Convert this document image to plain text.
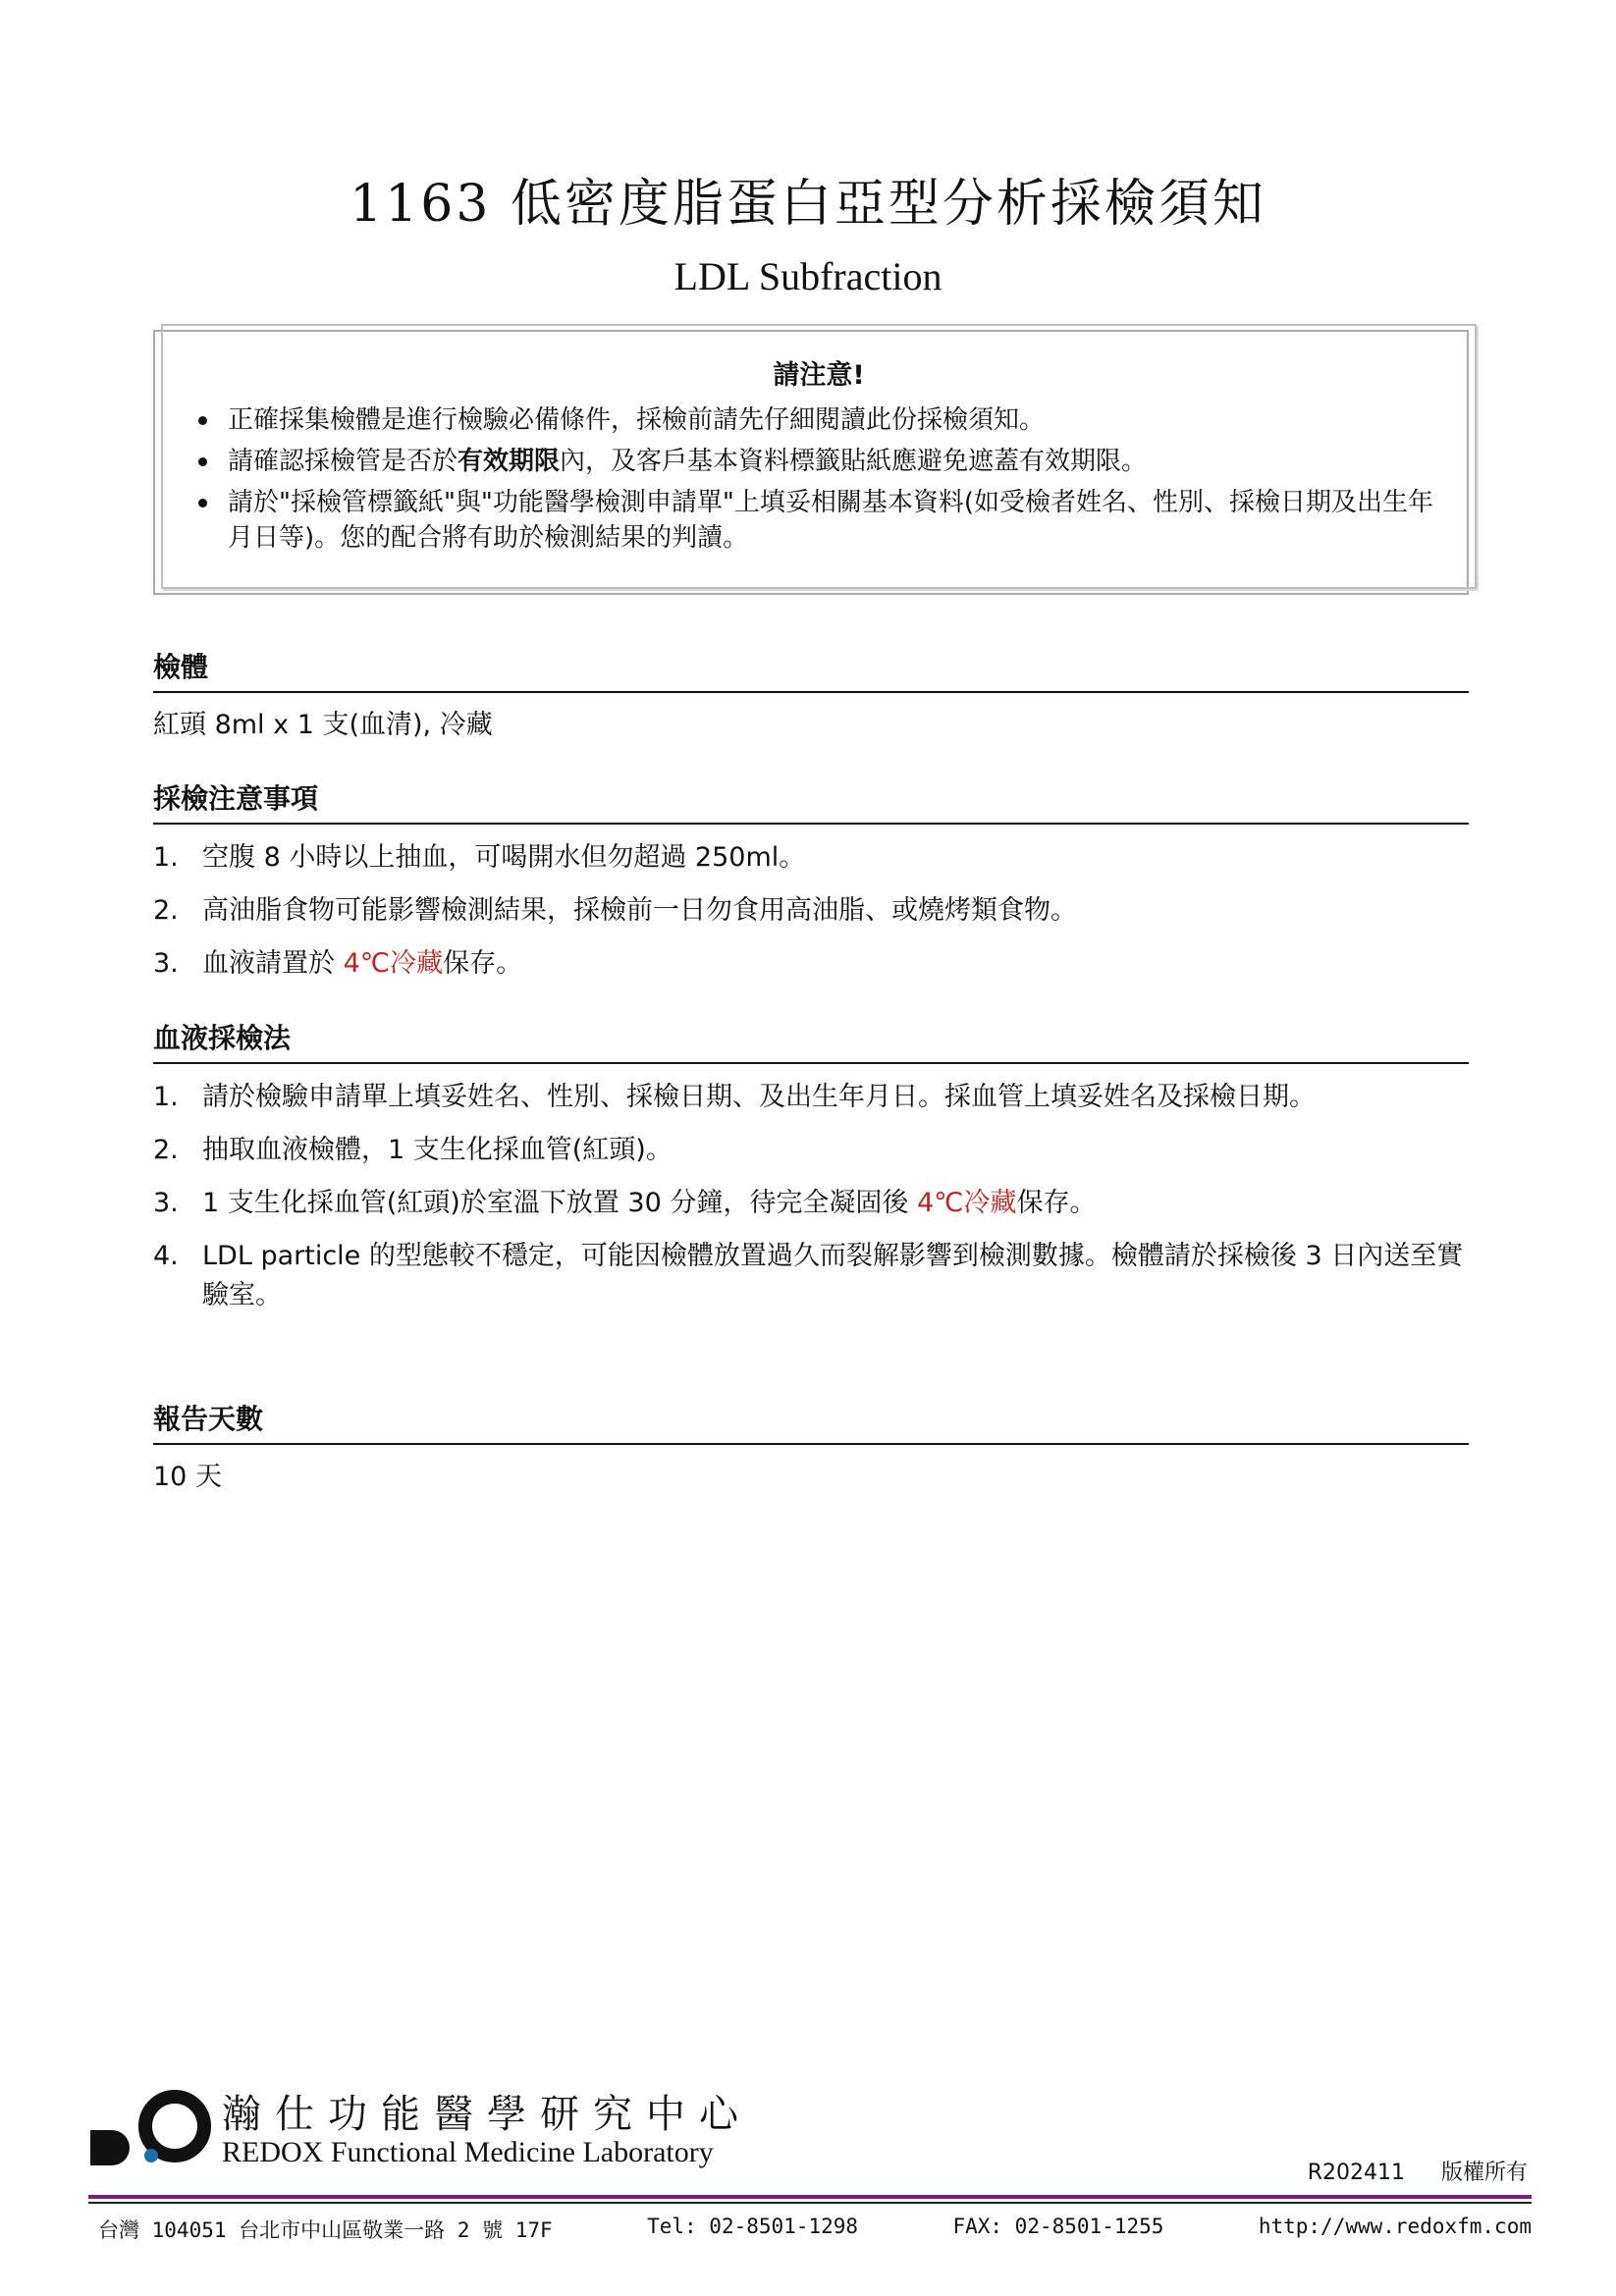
1163 低密度脂蛋白亞型分析採檢須知
LDL Subfraction
請注意!
正確採集檢體是進行檢驗必備條件，採檢前請先仔細閱讀此份採檢須知。
請確認採檢管是否於有效期限內，及客戶基本資料標籤貼紙應避免遮蓋有效期限。
請於"採檢管標籤紙"與"功能醫學檢測申請單"上填妥相關基本資料(如受檢者姓名、性別、採檢日期及出生年月日等)。您的配合將有助於檢測結果的判讀。
檢體
紅頭 8ml x 1 支(血清), 冷藏
採檢注意事項
1. 空腹 8 小時以上抽血，可喝開水但勿超過 250ml。
2. 高油脂食物可能影響檢測結果，採檢前一日勿食用高油脂、或燒烤類食物。
3. 血液請置於 4℃冷藏保存。
血液採檢法
1. 請於檢驗申請單上填妥姓名、性別、採檢日期、及出生年月日。採血管上填妥姓名及採檢日期。
2. 抽取血液檢體，1 支生化採血管(紅頭)。
3. 1 支生化採血管(紅頭)於室溫下放置 30 分鐘，待完全凝固後 4℃冷藏保存。
4. LDL particle 的型態較不穩定，可能因檢體放置過久而裂解影響到檢測數據。檢體請於採檢後 3 日內送至實驗室。
報告天數
10 天
瀚仕功能醫學研究中心
REDOX Functional Medicine Laboratory
R202411 版權所有
台灣 104051 台北市中山區敬業一路 2 號 17F	Tel: 02-8501-1298	FAX: 02-8501-1255	http://www.redoxfm.com
